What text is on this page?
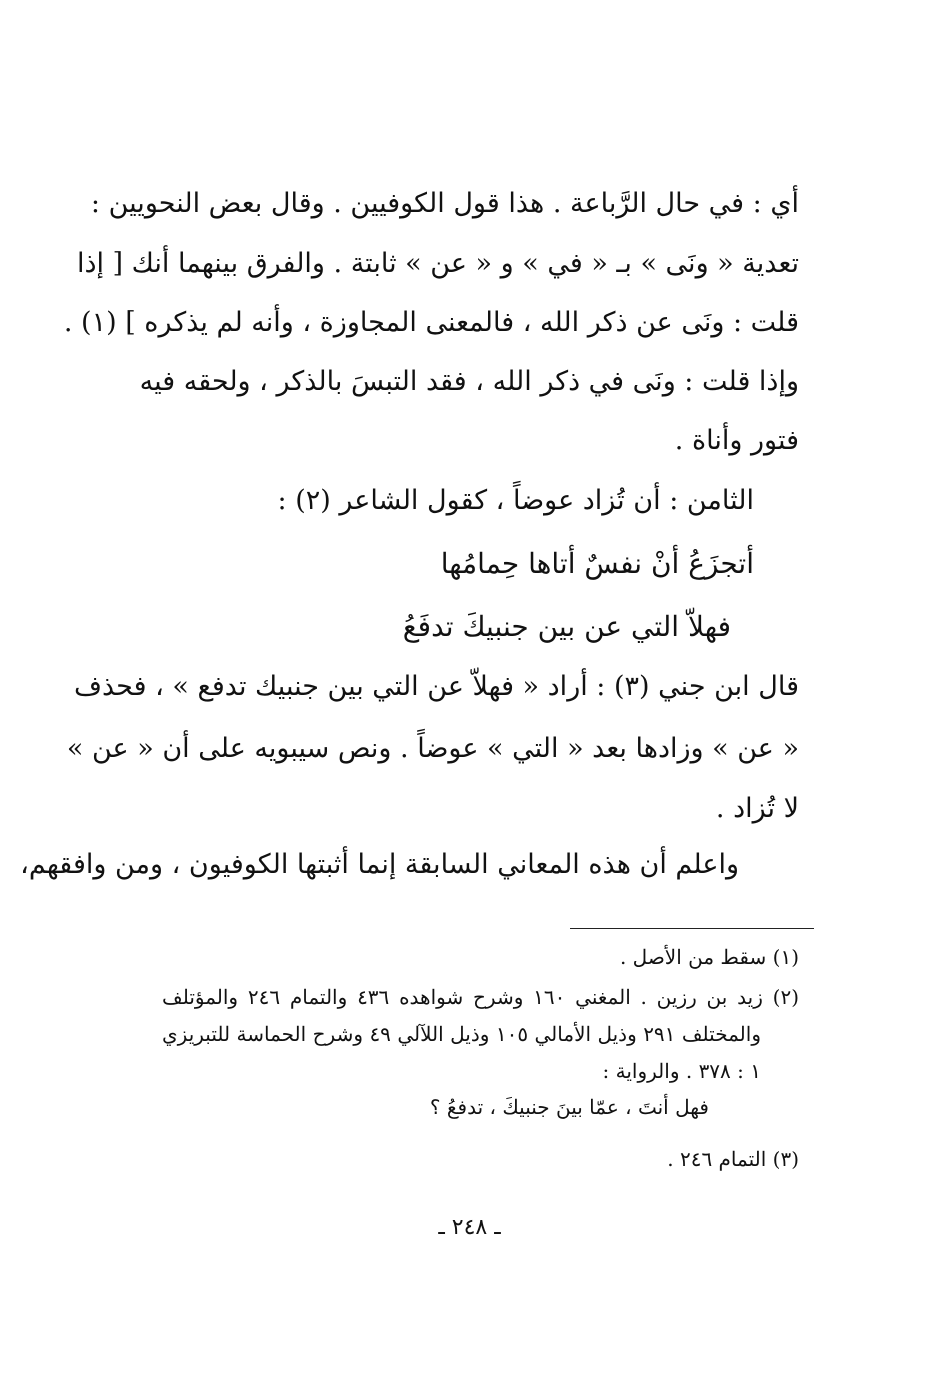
أي : في حال الرَّباعة . هذا قول الكوفيين . وقال بعض النحويين :
تعدية « ونَى » بـ « في » و « عن » ثابتة . والفرق بينهما أنك [ إذا
قلت : ونَى عن ذكر الله ، فالمعنى المجاوزة ، وأنه لم يذكره ] (١) .
وإذا قلت : ونَى في ذكر الله ، فقد التبسَ بالذكر ، ولحقه فيه
فتور وأناة .
الثامن : أن تُزاد عوضاً ، كقول الشاعر (٢) :
أتجزَعُ أنْ نفسٌ أتاها حِمامُها
فهلاّ التي عن بين جنبيكَ تدفَعُ
قال ابن جني (٣) : أراد « فهلاّ عن التي بين جنبيك تدفع » ، فحذف
« عن » وزادها بعد « التي » عوضاً . ونص سيبويه على أن « عن »
لا تُزاد .
واعلم أن هذه المعاني السابقة إنما أثبتها الكوفيون ، ومن وافقهم،
(١) سقط من الأصل .
(٢) زيد بن رزين . المغني ١٦٠ وشرح شواهده ٤٣٦ والتمام ٢٤٦ والمؤتلف
والمختلف ٢٩١ وذيل الأمالي ١٠٥ وذيل اللآلي ٤٩ وشرح الحماسة للتبريزي
١ : ٣٧٨ . والرواية :
فهل أنتَ ، عمّا بينَ جنبيكَ ، تدفعُ ؟
(٣) التمام ٢٤٦ .
ـ ٢٤٨ ـ
